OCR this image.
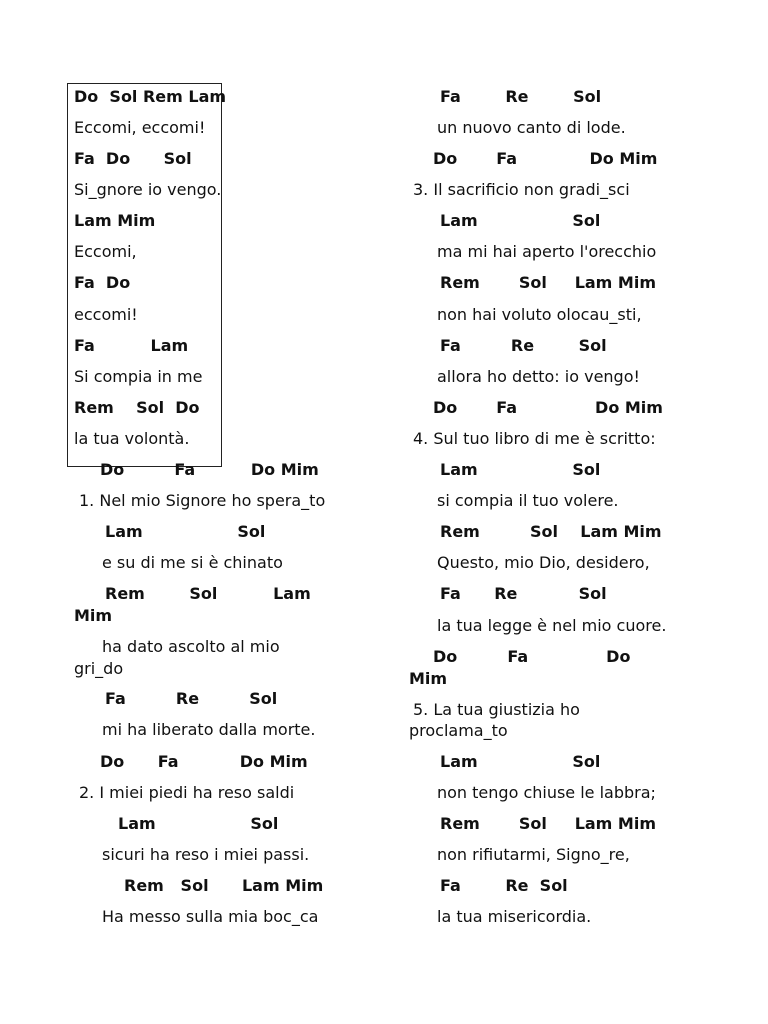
Do  Sol Rem Lam

Eccomi, eccomi!

Fa  Do      Sol

Si_gnore io vengo.

Lam Mim

Eccomi,

Fa  Do

eccomi!

Fa          Lam

Si compia in me

Rem    Sol  Do

la tua volontà.

Do         Fa          Do Mim

1. Nel mio Signore ho spera_to

Lam                 Sol

e su di me si è chinato

Rem        Sol          Lam

Mim

ha dato ascolto al mio

gri_do

Fa         Re         Sol

mi ha liberato dalla morte.

Do      Fa           Do Mim

2. I miei piedi ha reso saldi

Lam                 Sol

sicuri ha reso i miei passi.

Rem   Sol      Lam Mim

Ha messo sulla mia boc_ca

Fa        Re        Sol

un nuovo canto di lode.

Do       Fa             Do Mim

3. Il sacrificio non gradi_sci

Lam                 Sol

ma mi hai aperto l'orecchio

Rem       Sol     Lam Mim

non hai voluto olocau_sti,

Fa         Re        Sol

allora ho detto: io vengo!

Do       Fa              Do Mim

4. Sul tuo libro di me è scritto:

Lam                 Sol

si compia il tuo volere.

Rem         Sol    Lam Mim

Questo, mio Dio, desidero,

Fa      Re           Sol

la tua legge è nel mio cuore.

Do         Fa              Do

Mim

5. La tua giustizia ho

proclama_to

Lam                 Sol

non tengo chiuse le labbra;

Rem       Sol     Lam Mim

non rifiutarmi, Signo_re,

Fa        Re  Sol

la tua misericordia.
